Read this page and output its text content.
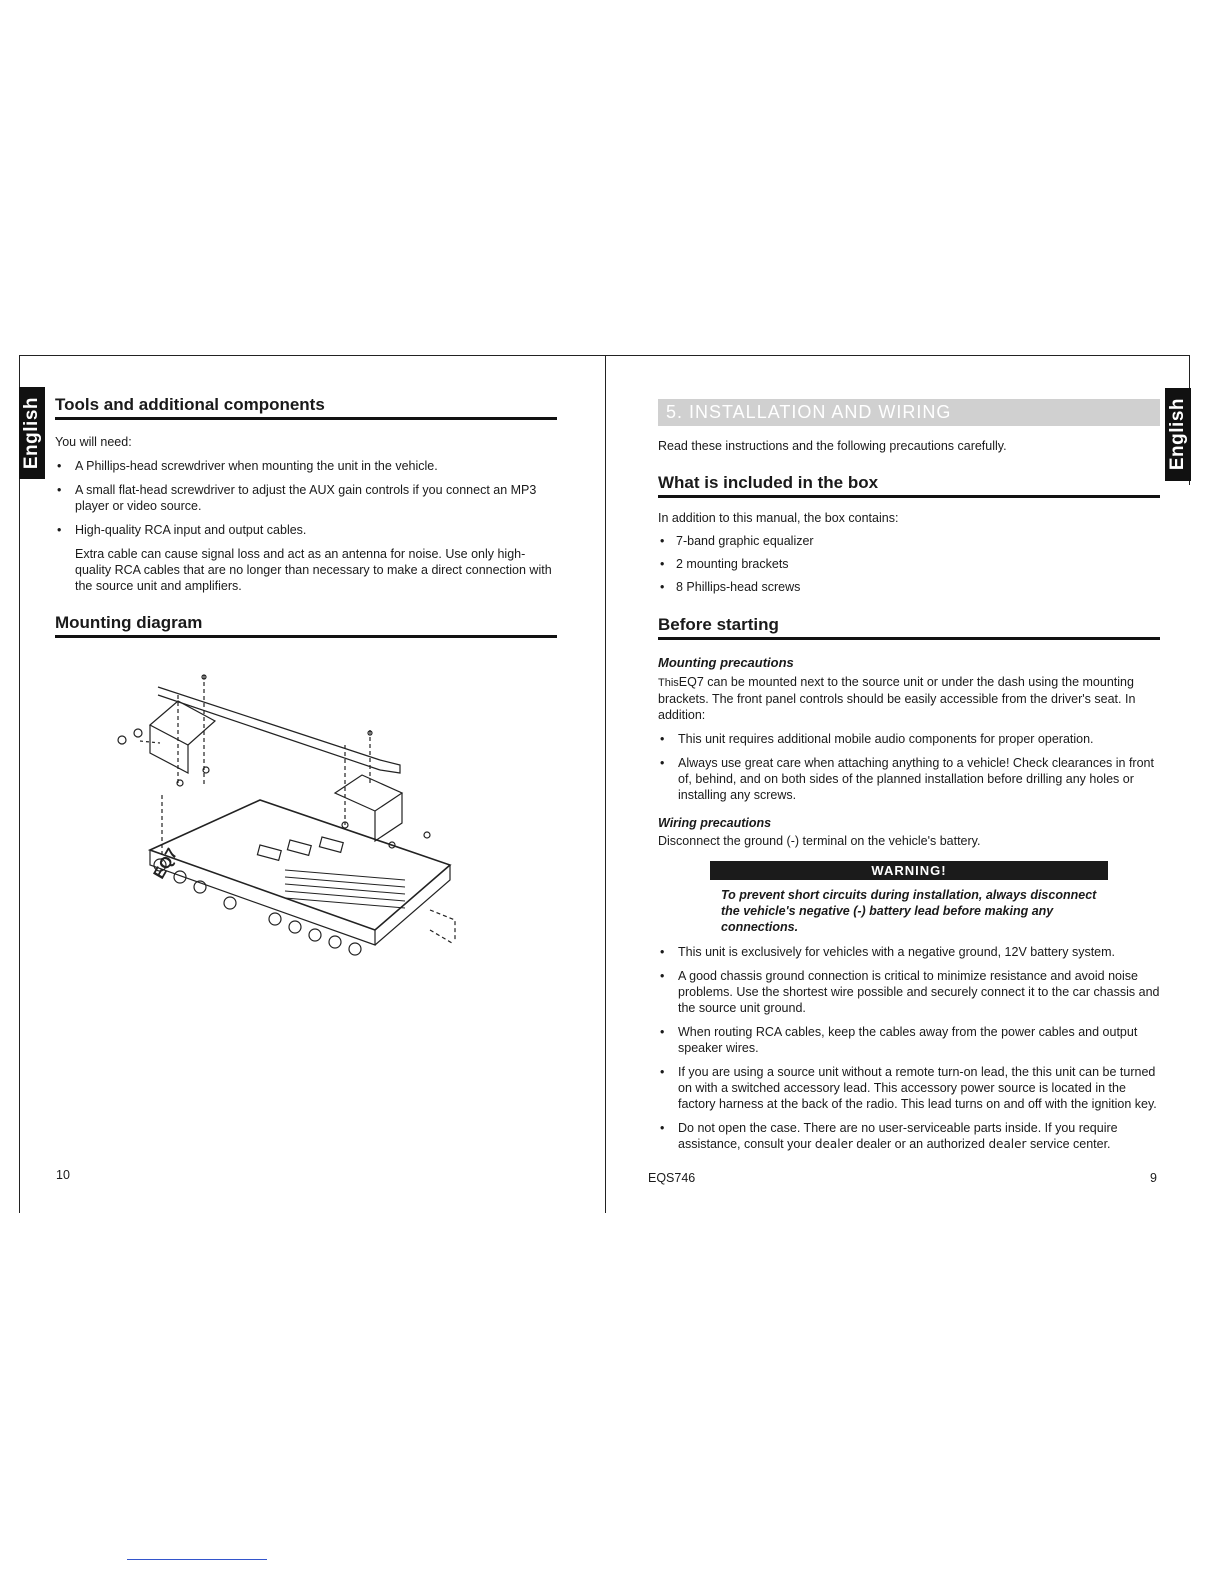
English	English
Tools and additional components

You will need:

• A Phillips-head screwdriver when mounting the unit in the vehicle.
• A small flat-head screwdriver to adjust the AUX gain controls if you connect an MP3 player or video source.
• High-quality RCA input and output cables.

Extra cable can cause signal loss and act as an antenna for noise. Use only high-quality RCA cables that are no longer than necessary to make a direct connection with the source unit and amplifiers.

Mounting diagram
EQ7
10
5. INSTALLATION AND WIRING

Read these instructions and the following precautions carefully.

What is included in the box

In addition to this manual, the box contains:

• 7-band graphic equalizer
• 2 mounting brackets
• 8 Phillips-head screws
Before starting

Mounting precautions

ThisEQ7 can be mounted next to the source unit or under the dash using the mounting brackets. The front panel controls should be easily accessible from the driver's seat. In addition:

• This unit requires additional mobile audio components for proper operation.
• Always use great care when attaching anything to a vehicle! Check clearances in front of, behind, and on both sides of the planned installation before drilling any holes or installing any screws.

Wiring precautions

Disconnect the ground (-) terminal on the vehicle's battery.

WARNING!

To prevent short circuits during installation, always disconnect the vehicle's negative (-) battery lead before making any connections.

• This unit is exclusively for vehicles with a negative ground, 12V battery system.
• A good chassis ground connection is critical to minimize resistance and avoid noise problems. Use the shortest wire possible and securely connect it to the car chassis and the source unit ground.
• When routing RCA cables, keep the cables away from the power cables and output speaker wires.
• If you are using a source unit without a remote turn-on lead, the this unit can be turned on with a switched accessory lead. This accessory power source is located in the factory harness at the back of the radio. This lead turns on and off with the ignition key.
• Do not open the case. There are no user-serviceable parts inside. If you require assistance, consult your dealer dealer or an authorized dealer service center.
EQS746	9
